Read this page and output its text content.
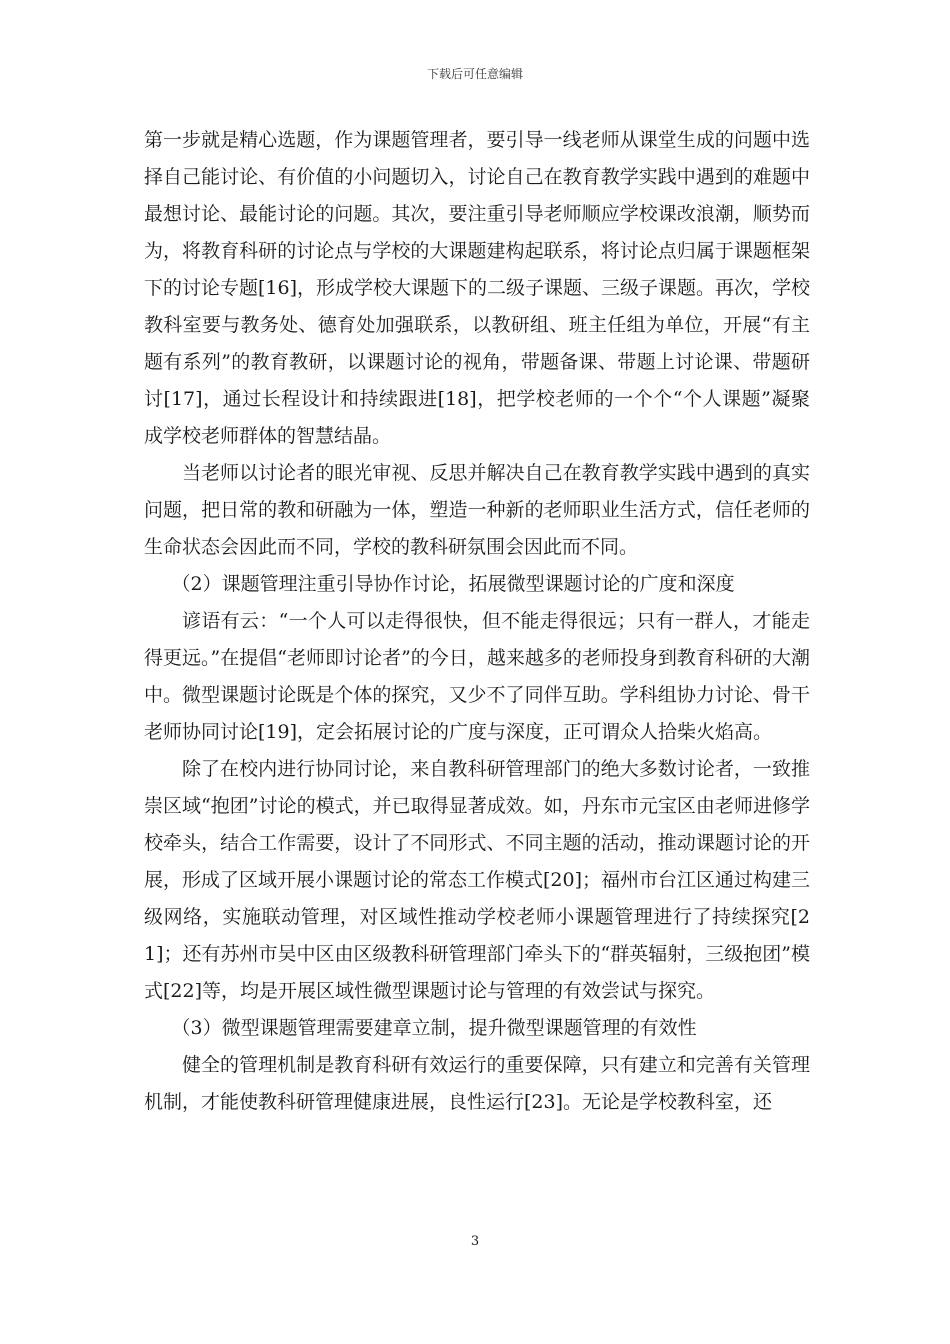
下载后可任意编辑

第一步就是精心选题，作为课题管理者，要引导一线老师从课堂生成的问题中选择自己能讨论、有价值的小问题切入，讨论自己在教育教学实践中遇到的难题中最想讨论、最能讨论的问题。其次，要注重引导老师顺应学校课改浪潮，顺势而为，将教育科研的讨论点与学校的大课题建构起联系，将讨论点归属于课题框架下的讨论专题[16]，形成学校大课题下的二级子课题、三级子课题。再次，学校教科室要与教务处、德育处加强联系，以教研组、班主任组为单位，开展“有主题有系列”的教育教研，以课题讨论的视角，带题备课、带题上讨论课、带题研讨[17]，通过长程设计和持续跟进[18]，把学校老师的一个个“个人课题”凝聚成学校老师群体的智慧结晶。

当老师以讨论者的眼光审视、反思并解决自己在教育教学实践中遇到的真实问题，把日常的教和研融为一体，塑造一种新的老师职业生活方式，信任老师的生命状态会因此而不同，学校的教科研氛围会因此而不同。

（2）课题管理注重引导协作讨论，拓展微型课题讨论的广度和深度

谚语有云：“一个人可以走得很快，但不能走得很远；只有一群人，才能走得更远。”在提倡“老师即讨论者”的今日，越来越多的老师投身到教育科研的大潮中。微型课题讨论既是个体的探究，又少不了同伴互助。学科组协力讨论、骨干老师协同讨论[19]，定会拓展讨论的广度与深度，正可谓众人拾柴火焰高。

除了在校内进行协同讨论，来自教科研管理部门的绝大多数讨论者，一致推崇区域“抱团”讨论的模式，并已取得显著成效。如，丹东市元宝区由老师进修学校牵头，结合工作需要，设计了不同形式、不同主题的活动，推动课题讨论的开展，形成了区域开展小课题讨论的常态工作模式[20]；福州市台江区通过构建三级网络，实施联动管理，对区域性推动学校老师小课题管理进行了持续探究[21]；还有苏州市吴中区由区级教科研管理部门牵头下的“群英辐射，三级抱团”模式[22]等，均是开展区域性微型课题讨论与管理的有效尝试与探究。

（3）微型课题管理需要建章立制，提升微型课题管理的有效性

健全的管理机制是教育科研有效运行的重要保障，只有建立和完善有关管理机制，才能使教科研管理健康进展，良性运行[23]。无论是学校教科室，还

3
